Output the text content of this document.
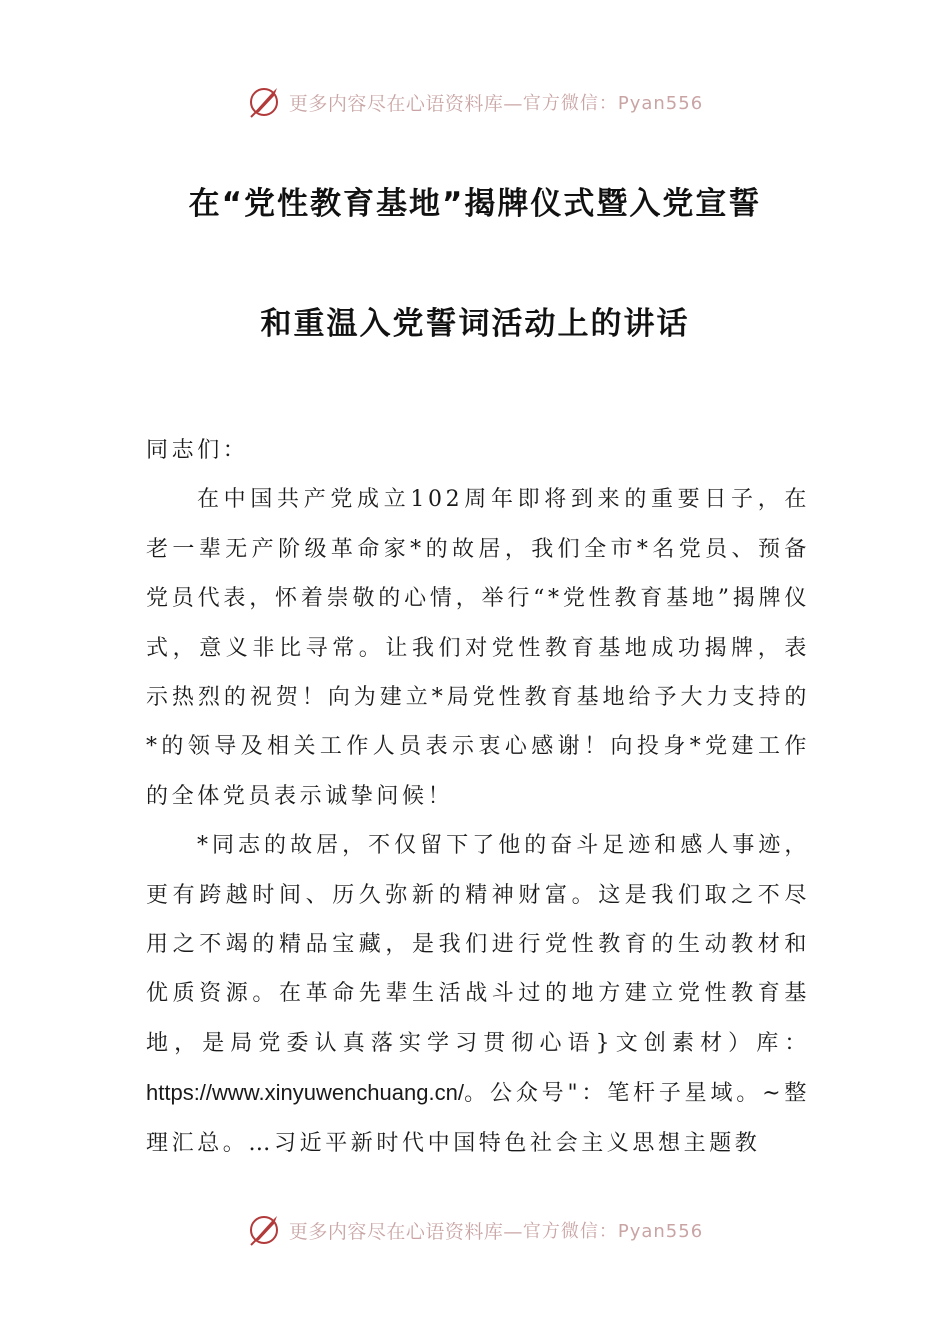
更多内容尽在心语资料库— 官方微信：Pyan556
在“党性教育基地”揭牌仪式暨入党宣誓
和重温入党誓词活动上的讲话

同志们：

在中国共产党成立102周年即将到来的重要日子，在老一辈无产阶级革命家*的故居，我们全市*名党员、预备党员代表，怀着崇敬的心情，举行“*党性教育基地”揭牌仪式，意义非比寻常。让我们对党性教育基地成功揭牌，表示热烈的祝贺！向为建立*局党性教育基地给予大力支持的*的领导及相关工作人员表示衷心感谢！向投身*党建工作的全体党员表示诚挚问候！

*同志的故居，不仅留下了他的奋斗足迹和感人事迹，更有跨越时间、历久弥新的精神财富。这是我们取之不尽用之不竭的精品宝藏，是我们进行党性教育的生动教材和优质资源。在革命先辈生活战斗过的地方建立党性教育基地，是局党委认真落实学习贯彻心语}文创素材）库：https://www.xinyuwenchuang.cn/。公众号"：笔杆子星域。~整理汇总。…习近平新时代中国特色社会主义思想主题教

更多内容尽在心语资料库— 官方微信：Pyan556
